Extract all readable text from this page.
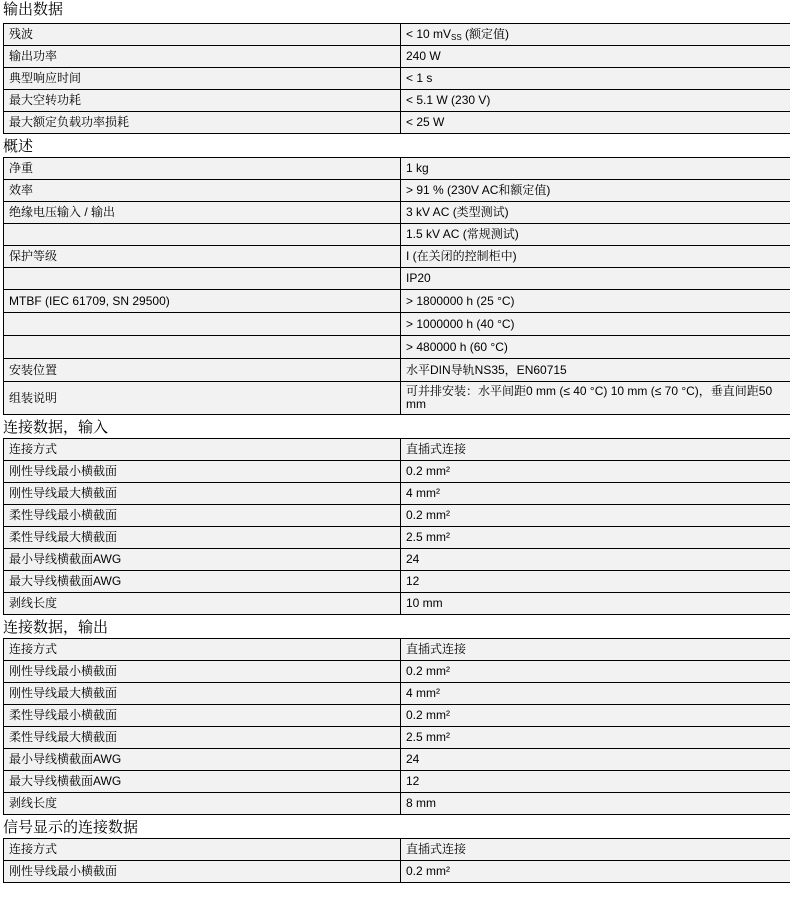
输出数据
残波	< 10 $mV_{SS}$ (额定值)
输出功率	240 W
典型响应时间	< 1 s
最大空转功耗	< 5.1 W (230 V)
最大额定负载功率损耗	< 25 W
概述
净重	1 kg
效率	> 91 % (230V AC和额定值)
绝缘电压输入 / 输出	3 kV AC (类型测试)
	1.5 kV AC (常规测试)
保护等级	I (在关闭的控制柜中)
	IP20
MTBF (IEC 61709, SN 29500)	> 1800000 h (25 °C)
	> 1000000 h (40 °C)
	> 480000 h (60 °C)
安装位置	水平DIN导轨NS35，EN60715
组装说明	可并排安装：水平间距0 mm (≤ 40 °C) 10 mm (≤ 70 °C)，垂直间距50 mm
连接数据，输入
连接方式	直插式连接
刚性导线最小横截面	0.2 mm²
刚性导线最大横截面	4 mm²
柔性导线最小横截面	0.2 mm²
柔性导线最大横截面	2.5 mm²
最小导线横截面AWG	24
最大导线横截面AWG	12
剥线长度	10 mm
连接数据，输出
连接方式	直插式连接
刚性导线最小横截面	0.2 mm²
刚性导线最大横截面	4 mm²
柔性导线最小横截面	0.2 mm²
柔性导线最大横截面	2.5 mm²
最小导线横截面AWG	24
最大导线横截面AWG	12
剥线长度	8 mm
信号显示的连接数据
连接方式	直插式连接
刚性导线最小横截面	0.2 mm²
